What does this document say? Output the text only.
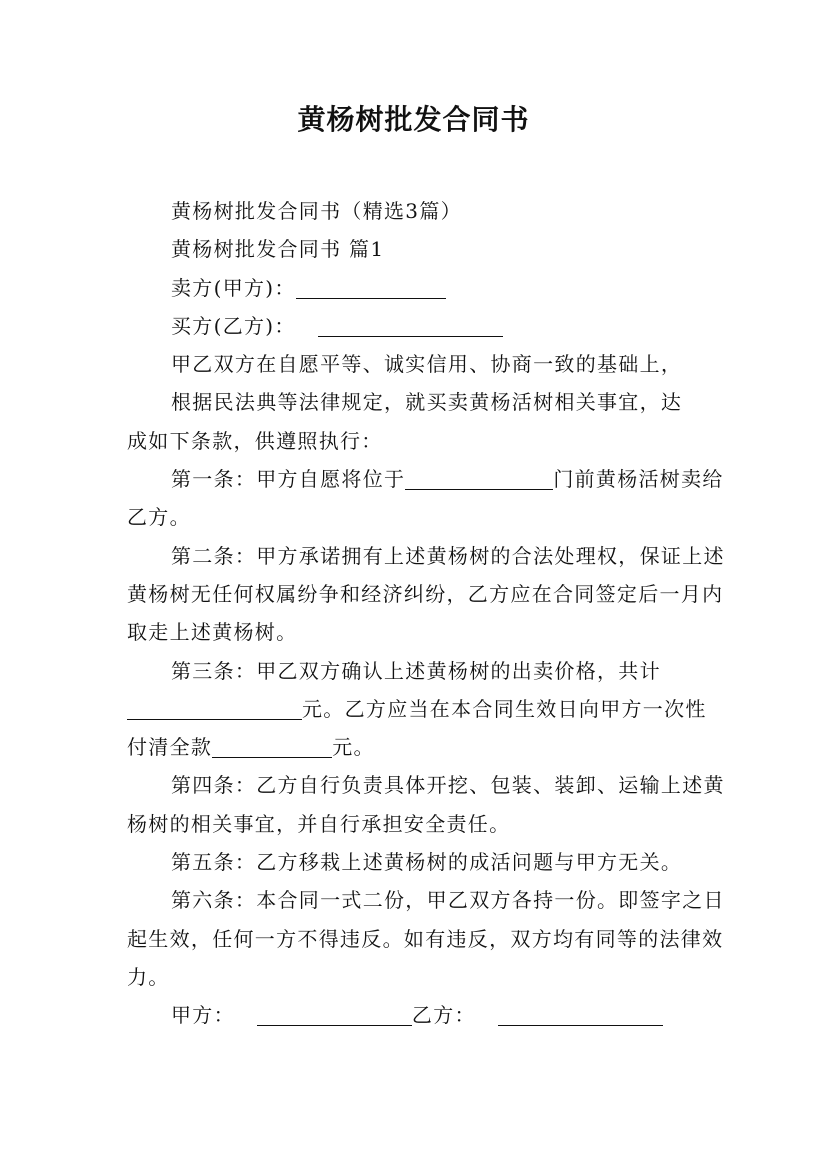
黄杨树批发合同书

黄杨树批发合同书（精选3篇）

黄杨树批发合同书 篇1

卖方(甲方)：

买方(乙方)：

甲乙双方在自愿平等、诚实信用、协商一致的基础上，

根据民法典等法律规定，就买卖黄杨活树相关事宜，达

成如下条款，供遵照执行：

第一条：甲方自愿将位于	门前黄杨活树卖给乙方。

第二条：甲方承诺拥有上述黄杨树的合法处理权，保证上述黄杨树无任何权属纷争和经济纠纷，乙方应在合同签定后一月内取走上述黄杨树。

第三条：甲乙双方确认上述黄杨树的出卖价格，共计元。乙方应当在本合同生效日向甲方一次性付清全款	元。

第四条：乙方自行负责具体开挖、包装、装卸、运输上述黄杨树的相关事宜，并自行承担安全责任。

第五条：乙方移栽上述黄杨树的成活问题与甲方无关。

第六条：本合同一式二份，甲乙双方各持一份。即签字之日起生效，任何一方不得违反。如有违反，双方均有同等的法律效力。

甲方：	乙方：
